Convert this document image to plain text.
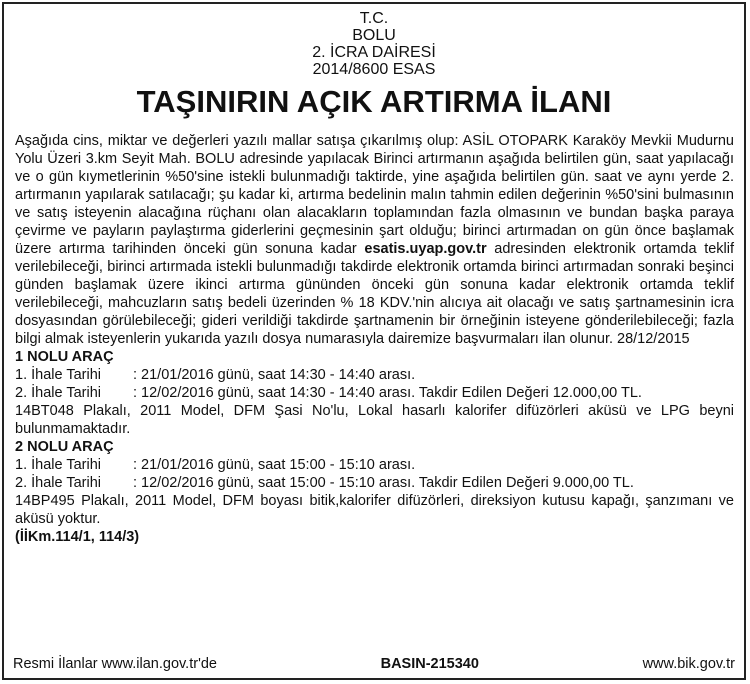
T.C.
BOLU
2. İCRA DAİRESİ
2014/8600 ESAS
TAŞINIRIN AÇIK ARTIRMA İLANI

Aşağıda cins, miktar ve değerleri yazılı mallar satışa çıkarılmış olup: ASİL OTOPARK Karaköy Mevkii Mudurnu Yolu Üzeri 3.km Seyit Mah. BOLU adresinde yapılacak Birinci artırmanın aşağıda belirtilen gün, saat yapılacağı ve o gün kıymetlerinin %50'sine istekli bulunmadığı taktirde, yine aşağıda belirtilen gün. saat ve aynı yerde 2. artırmanın yapılarak satılacağı; şu kadar ki, artırma bedelinin malın tahmin edilen değerinin %50'sini bulmasının ve satış isteyenin alacağına rüçhanı olan alacakların toplamından fazla olmasının ve bundan başka paraya çevirme ve payların paylaştırma giderlerini geçmesinin şart olduğu; birinci artırmadan on gün önce başlamak üzere artırma tarihinden önceki gün sonuna kadar esatis.uyap.gov.tr adresinden elektronik ortamda teklif verilebileceği, birinci artırmada istekli bulunmadığı takdirde elektronik ortamda birinci artırmadan sonraki beşinci günden başlamak üzere ikinci artırma gününden önceki gün sonuna kadar elektronik ortamda teklif verilebileceği, mahcuzların satış bedeli üzerinden % 18 KDV.'nin alıcıya ait olacağı ve satış şartnamesinin icra dosyasından görülebileceği; gideri verildiği takdirde şartnamenin bir örneğinin isteyene gönderilebileceği; fazla bilgi almak isteyenlerin yukarıda yazılı dosya numarasıyla dairemize başvurmaları ilan olunur. 28/12/2015

1 NOLU ARAÇ

1. İhale Tarihi	: 21/01/2016 günü, saat 14:30 - 14:40 arası.
2. İhale Tarihi	: 12/02/2016 günü, saat 14:30 - 14:40 arası. Takdir Edilen Değeri 12.000,00 TL.

14BT048 Plakalı, 2011 Model, DFM Şasi No'lu, Lokal hasarlı kalorifer difüzörleri aküsü ve LPG beyni bulunmamaktadır.

2 NOLU ARAÇ

1. İhale Tarihi	: 21/01/2016 günü, saat 15:00 - 15:10 arası.
2. İhale Tarihi	: 12/02/2016 günü, saat 15:00 - 15:10 arası. Takdir Edilen Değeri 9.000,00 TL.

14BP495 Plakalı, 2011 Model, DFM boyası bitik,kalorifer difüzörleri, direksiyon kutusu kapağı, şanzımanı ve aküsü yoktur.

(İİKm.114/1, 114/3)

Resmi İlanlar www.ilan.gov.tr'de	BASIN-215340	www.bik.gov.tr
